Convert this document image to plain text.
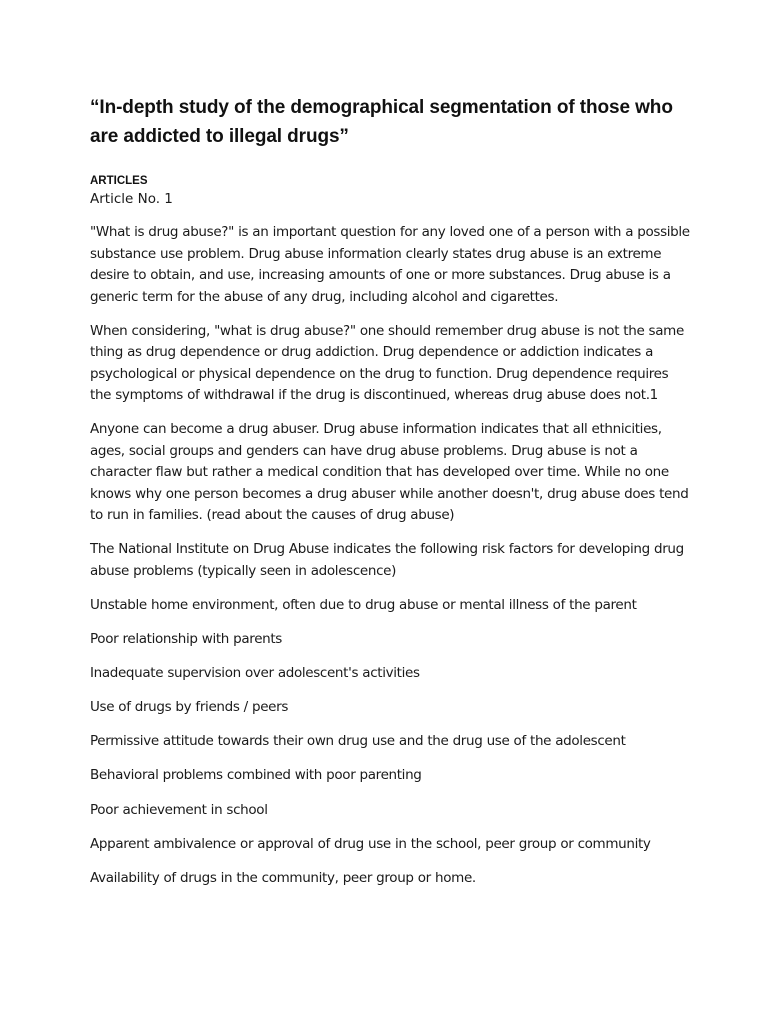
“In-depth study of the demographical segmentation of those who are addicted to illegal drugs”
ARTICLES
Article No. 1

"What is drug abuse?" is an important question for any loved one of a person with a possible substance use problem. Drug abuse information clearly states drug abuse is an extreme desire to obtain, and use, increasing amounts of one or more substances. Drug abuse is a generic term for the abuse of any drug, including alcohol and cigarettes.

When considering, "what is drug abuse?" one should remember drug abuse is not the same thing as drug dependence or drug addiction. Drug dependence or addiction indicates a psychological or physical dependence on the drug to function. Drug dependence requires the symptoms of withdrawal if the drug is discontinued, whereas drug abuse does not.1

Anyone can become a drug abuser. Drug abuse information indicates that all ethnicities, ages, social groups and genders can have drug abuse problems. Drug abuse is not a character flaw but rather a medical condition that has developed over time. While no one knows why one person becomes a drug abuser while another doesn't, drug abuse does tend to run in families. (read about the causes of drug abuse)

The National Institute on Drug Abuse indicates the following risk factors for developing drug abuse problems (typically seen in adolescence)

Unstable home environment, often due to drug abuse or mental illness of the parent
Poor relationship with parents
Inadequate supervision over adolescent's activities
Use of drugs by friends / peers
Permissive attitude towards their own drug use and the drug use of the adolescent
Behavioral problems combined with poor parenting
Poor achievement in school
Apparent ambivalence or approval of drug use in the school, peer group or community
Availability of drugs in the community, peer group or home.
